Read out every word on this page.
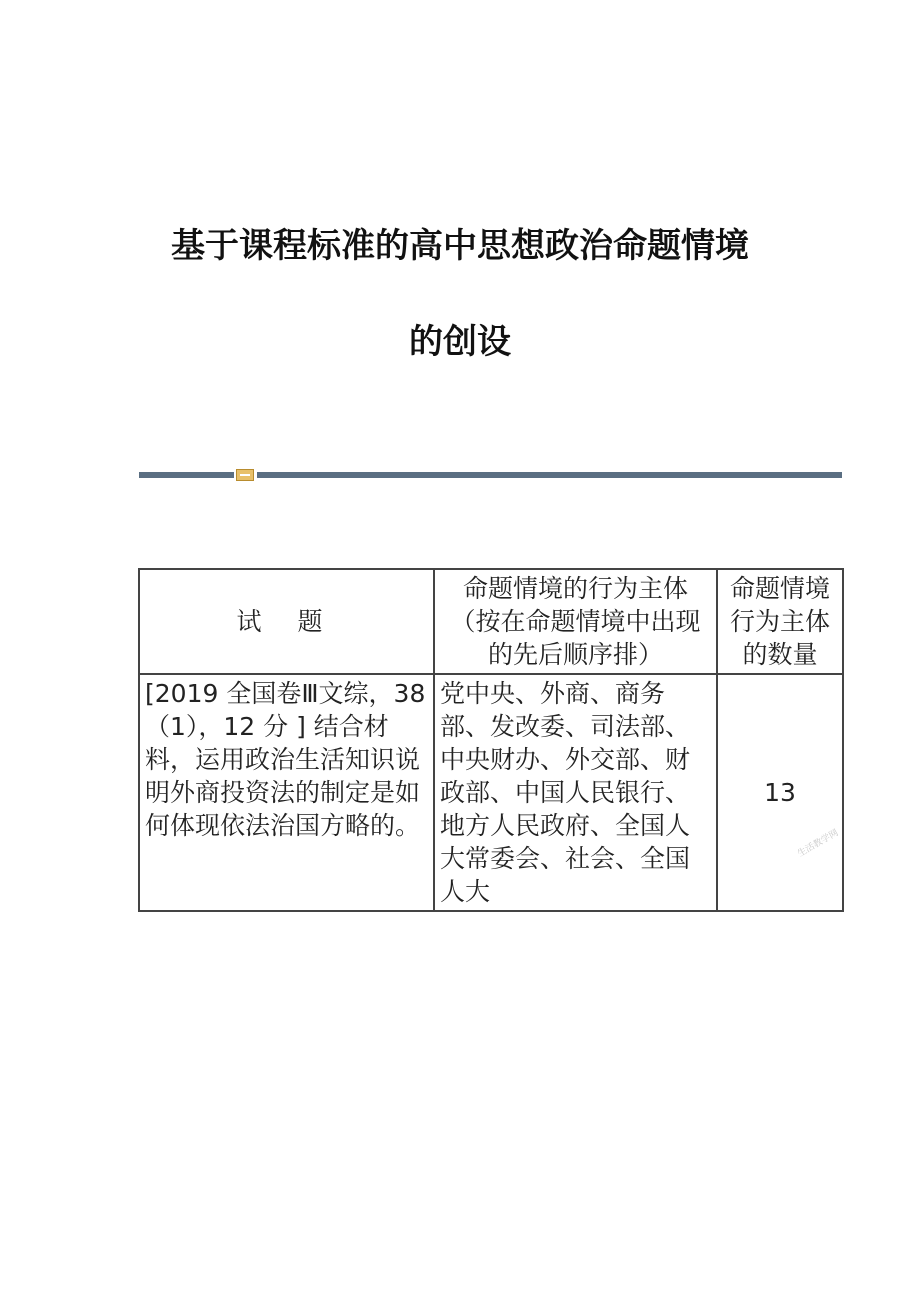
基于课程标准的高中思想政治命题情境
的创设
试 题	命题情境的行为主体（按在命题情境中出现的先后顺序排）	命题情境行为主体的数量
[2019 全国卷Ⅲ文综，38（1），12 分 ] 结合材料，运用政治生活知识说明外商投资法的制定是如何体现依法治国方略的。	党中央、外商、商务部、发改委、司法部、中央财办、外交部、财政部、中国人民银行、地方人民政府、全国人大常委会、社会、全国人大	13
生活教学网
